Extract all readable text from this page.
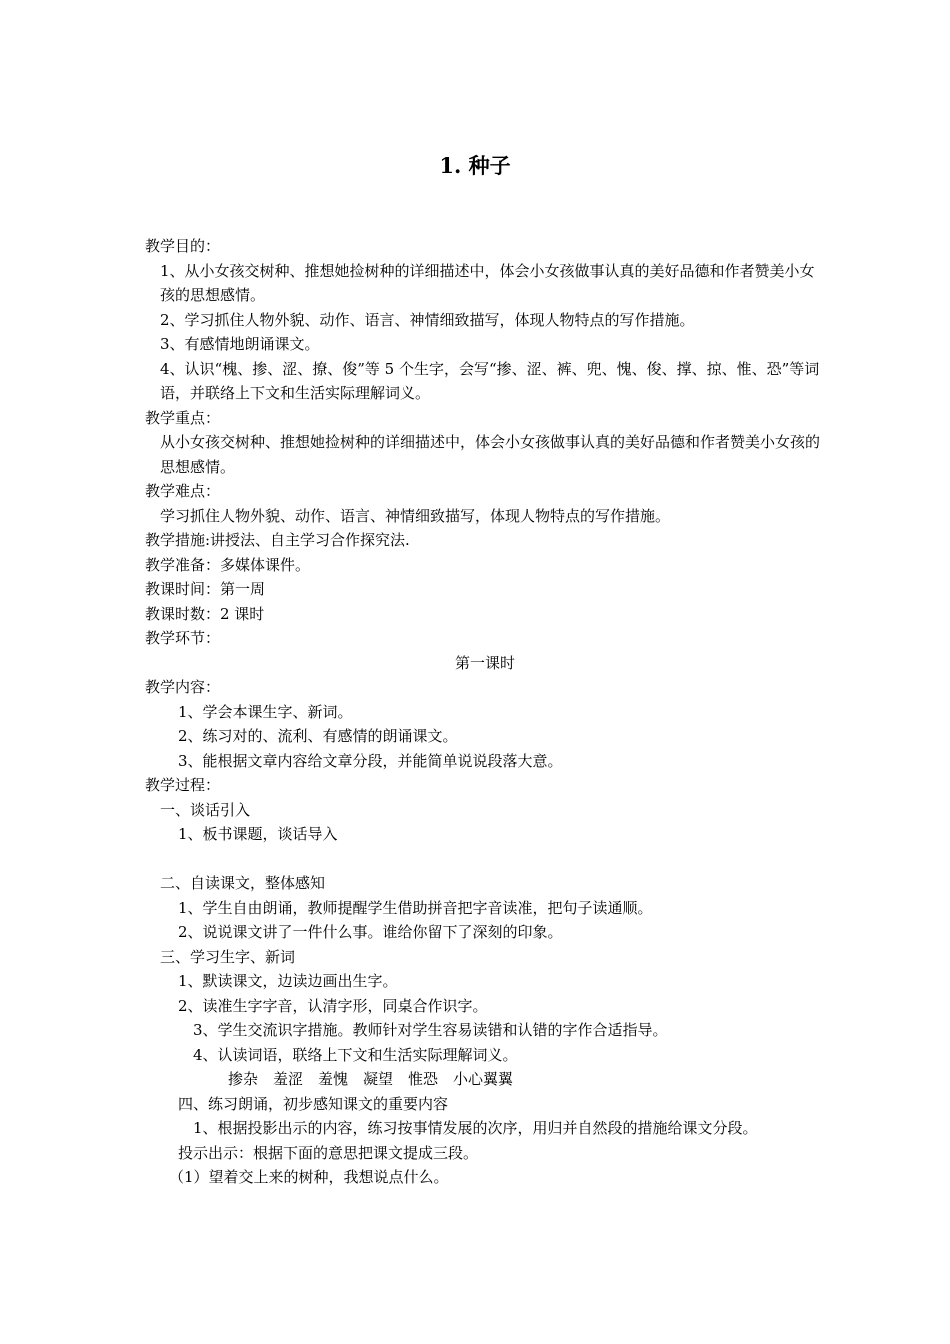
1. 种子
教学目的：
1、从小女孩交树种、推想她捡树种的详细描述中，体会小女孩做事认真的美好品德和作者赞美小女孩的思想感情。
2、学习抓住人物外貌、动作、语言、神情细致描写，体现人物特点的写作措施。
3、有感情地朗诵课文。
4、认识“槐、掺、涩、撩、俊”等 5 个生字，会写“掺、涩、裤、兜、愧、俊、撑、掠、惟、恐”等词语，并联络上下文和生活实际理解词义。
教学重点：
从小女孩交树种、推想她捡树种的详细描述中，体会小女孩做事认真的美好品德和作者赞美小女孩的思想感情。
教学难点：
学习抓住人物外貌、动作、语言、神情细致描写，体现人物特点的写作措施。
教学措施:讲授法、自主学习合作探究法.
教学准备：多媒体课件。
教课时间：第一周
教课时数：2 课时
教学环节：
第一课时
教学内容：
1、学会本课生字、新词。
2、练习对的、流利、有感情的朗诵课文。
3、能根据文章内容给文章分段，并能简单说说段落大意。
教学过程：
一、谈话引入
1、板书课题，谈话导入
二、自读课文，整体感知
1、学生自由朗诵，教师提醒学生借助拼音把字音读准，把句子读通顺。
2、说说课文讲了一件什么事。谁给你留下了深刻的印象。
三、学习生字、新词
1、默读课文，边读边画出生字。
2、读准生字字音，认清字形，同桌合作识字。
3、学生交流识字措施。教师针对学生容易读错和认错的字作合适指导。
4、认读词语，联络上下文和生活实际理解词义。
掺杂　羞涩　羞愧　凝望　惟恐　小心翼翼
四、练习朗诵，初步感知课文的重要内容
1、根据投影出示的内容，练习按事情发展的次序，用归并自然段的措施给课文分段。
投示出示：根据下面的意思把课文提成三段。
（1）望着交上来的树种，我想说点什么。
